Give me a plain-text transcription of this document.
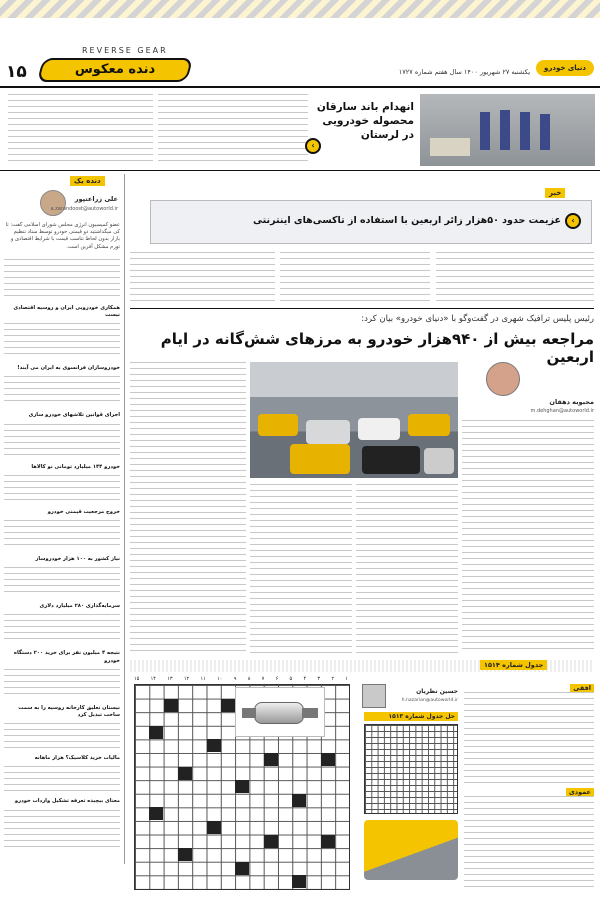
۱۵
REVERSE GEAR
دنده معکوس	یکشنبه ۲۷ شهریور ۱۴۰۰ سال هفتم شماره ۱۷۲۷	دنیای خودرو
انهدام باند سارقان محصوله خودرویی در لرستان
‹
دنده یک
علی زراعتپور
a.zarandoost@autoworld.ir
عضو کمیسیون انرژی مجلس شورای اسلامی گفت: تا کی میگذاشتید دو قیمتی خودرو توسط ستاد تنظیم بازار بدون لحاظ تناسب قیمت با شرایط اقتصادی و تورم مشکل آفرین است.
همکاری خودرویی ایران و روسیه اقتصادی نیست
خودروسازان فرانسوی به ایران می آیند!
اجرای قوانین تلاشهای خودرو سازی
خودرو ۱۴۴ میلیارد تومانی نو کالاها
خروج مرجعیت قیمتی خودرو
نیاز کشور به ۱۰۰ هزار خودروساز
سرمایه‌گذاری ۲۸۰ میلیارد دلاری
نتیجه ۴ میلیون نفر برای خرید ۲۰۰ دستگاه خودرو
نیستان تعلیق کارخانه روسیه را به سمت ساخت تبدیل کرد
مالیات خرید کلاسیک؟ هزار ماهانه
معنای بیچیده تعرفه تشکیل واردات خودرو
خبر
عزیمت حدود ۵۰هزار زائر اربعین با استفاده از تاکسی‌های اینترنتی	‹
رئیس پلیس ترافیک شهری در گفت‌وگو با «دنیای خودرو» بیان کرد:
مراجعه بیش از ۹۴۰هزار خودرو به مرزهای شش‌گانه در ایام اربعین
محبوبه دهقان
m.dehghan@autoworld.ir
جدول شماره ۱۵۱۴
۱۵ ۱۴ ۱۳ ۱۲ ۱۱ ۱۰ ۹ ۸ ۷ ۶ ۵ ۴ ۳ ۲ ۱
حسین نظریان
h.nazarian@autoworld.ir
حل جدول شماره ۱۵۱۳
افقی
عمودی
